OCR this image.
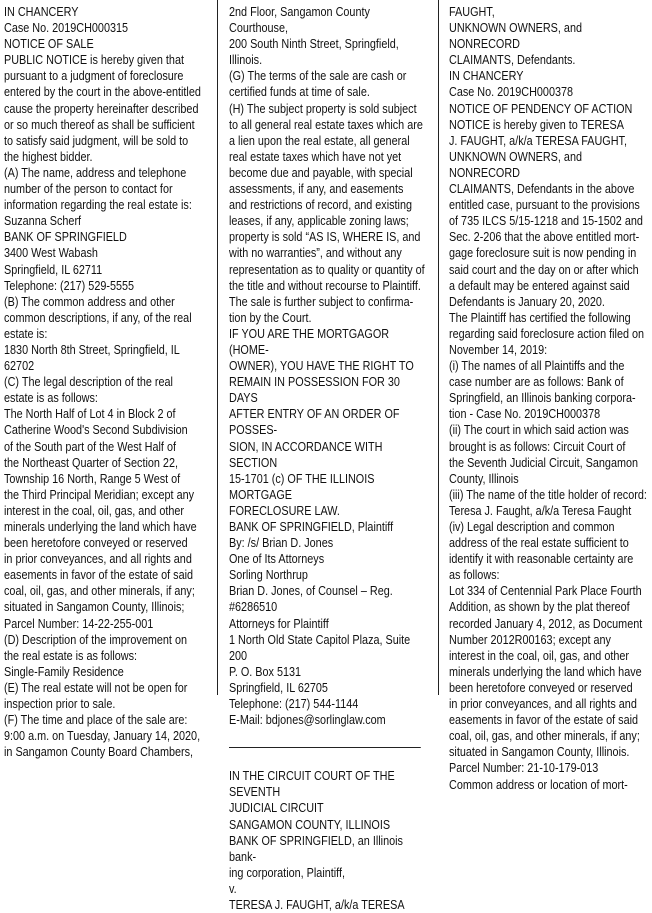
IN CHANCERY

Case No. 2019CH000315

NOTICE OF SALE

PUBLIC NOTICE is hereby given that

pursuant to a judgment of foreclosure

entered by the court in the above-entitled

cause the property hereinafter described

or so much thereof as shall be sufficient

to satisfy said judgment, will be sold to

the highest bidder.

(A) The name, address and telephone

number of the person to contact for

information regarding the real estate is:

Suzanna Scherf

BANK OF SPRINGFIELD

3400 West Wabash

Springfield, IL 62711

Telephone: (217) 529-5555

(B) The common address and other

common descriptions, if any, of the real

estate is:

1830 North 8th Street, Springfield, IL

62702

(C) The legal description of the real

estate is as follows:

The North Half of Lot 4 in Block 2 of

Catherine Wood's Second Subdivision

of the South part of the West Half of

the Northeast Quarter of Section 22,

Township 16 North, Range 5 West of

the Third Principal Meridian; except any

interest in the coal, oil, gas, and other

minerals underlying the land which have

been heretofore conveyed or reserved

in prior conveyances, and all rights and

easements in favor of the estate of said

coal, oil, gas, and other minerals, if any;

situated in Sangamon County, Illinois;

Parcel Number: 14-22-255-001

(D) Description of the improvement on

the real estate is as follows:

Single-Family Residence

(E) The real estate will not be open for

inspection prior to sale.

(F) The time and place of the sale are:

9:00 a.m. on Tuesday, January 14, 2020,

in Sangamon County Board Chambers,

2nd Floor, Sangamon County Courthouse,

200 South Ninth Street, Springfield,

Illinois.

(G) The terms of the sale are cash or

certified funds at time of sale.

(H) The subject property is sold subject

to all general real estate taxes which are

a lien upon the real estate, all general

real estate taxes which have not yet

become due and payable, with special

assessments, if any, and easements

and restrictions of record, and existing

leases, if any, applicable zoning laws;

property is sold “AS IS, WHERE IS, and

with no warranties”, and without any

representation as to quality or quantity of

the title and without recourse to Plaintiff.

The sale is further subject to confirma-

tion by the Court.

IF YOU ARE THE MORTGAGOR (HOME-

OWNER), YOU HAVE THE RIGHT TO

REMAIN IN POSSESSION FOR 30 DAYS

AFTER ENTRY OF AN ORDER OF POSSES-

SION, IN ACCORDANCE WITH SECTION

15-1701 (c) OF THE ILLINOIS MORTGAGE

FORECLOSURE LAW.

BANK OF SPRINGFIELD, Plaintiff

By: /s/ Brian D. Jones

One of Its Attorneys

Sorling Northrup

Brian D. Jones, of Counsel – Reg.

#6286510

Attorneys for Plaintiff

1 North Old State Capitol Plaza, Suite 200

P. O. Box 5131

Springfield, IL 62705

Telephone: (217) 544-1144

E-Mail: bdjones@sorlinglaw.com

IN THE CIRCUIT COURT OF THE SEVENTH

JUDICIAL CIRCUIT

SANGAMON COUNTY, ILLINOIS

BANK OF SPRINGFIELD, an Illinois bank-

ing corporation, Plaintiff,

v.

TERESA J. FAUGHT, a/k/a TERESA

FAUGHT,

UNKNOWN OWNERS, and NONRECORD

CLAIMANTS, Defendants.

IN CHANCERY

Case No. 2019CH000378

NOTICE OF PENDENCY OF ACTION

NOTICE is hereby given to TERESA

J. FAUGHT, a/k/a TERESA FAUGHT,

UNKNOWN OWNERS, and NONRECORD

CLAIMANTS, Defendants in the above

entitled case, pursuant to the provisions

of 735 ILCS 5/15-1218 and 15-1502 and

Sec. 2-206 that the above entitled mort-

gage foreclosure suit is now pending in

said court and the day on or after which

a default may be entered against said

Defendants is January 20, 2020.

The Plaintiff has certified the following

regarding said foreclosure action filed on

November 14, 2019:

(i) The names of all Plaintiffs and the

case number are as follows: Bank of

Springfield, an Illinois banking corpora-

tion - Case No. 2019CH000378

(ii) The court in which said action was

brought is as follows: Circuit Court of

the Seventh Judicial Circuit, Sangamon

County, Illinois

(iii) The name of the title holder of record:

Teresa J. Faught, a/k/a Teresa Faught

(iv) Legal description and common

address of the real estate sufficient to

identify it with reasonable certainty are

as follows:

Lot 334 of Centennial Park Place Fourth

Addition, as shown by the plat thereof

recorded January 4, 2012, as Document

Number 2012R00163; except any

interest in the coal, oil, gas, and other

minerals underlying the land which have

been heretofore conveyed or reserved

in prior conveyances, and all rights and

easements in favor of the estate of said

coal, oil, gas, and other minerals, if any;

situated in Sangamon County, Illinois.

Parcel Number: 21-10-179-013

Common address or location of mort-
